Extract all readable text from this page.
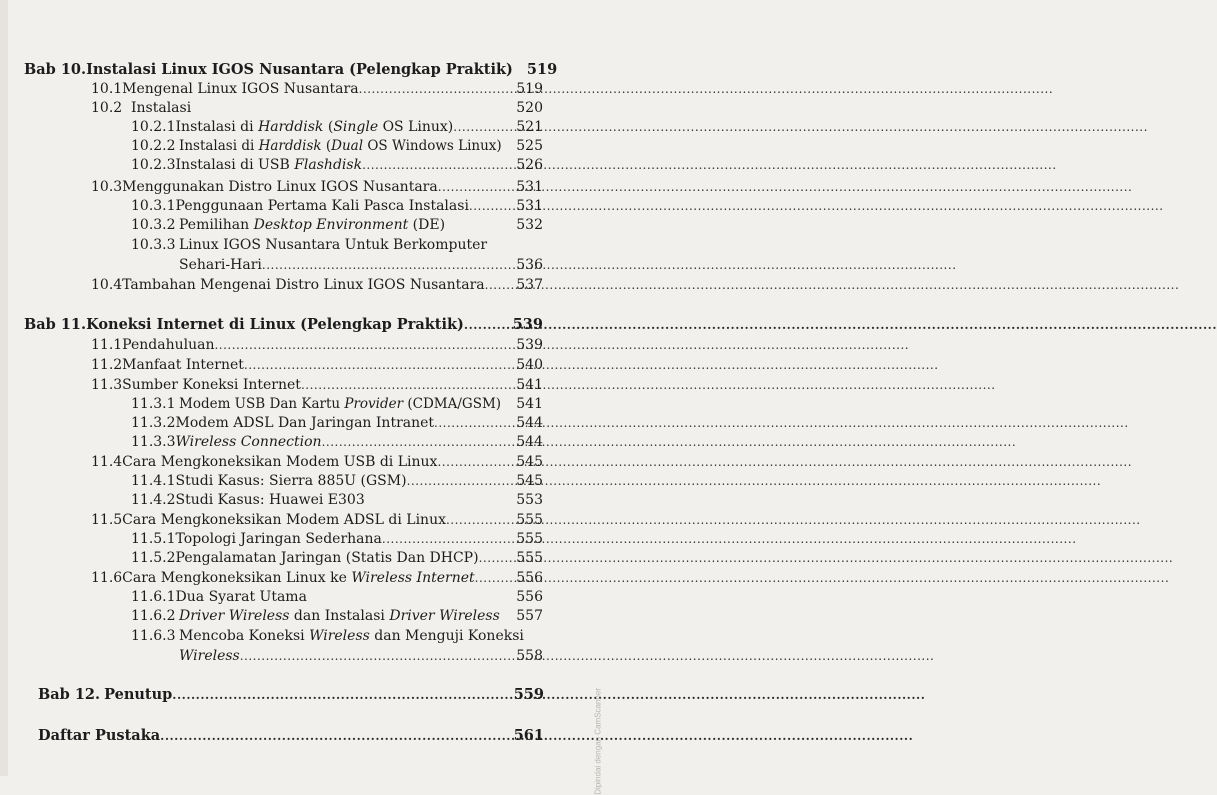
Bab 10. Instalasi Linux IGOS Nusantara (Pelengkap Praktik) 519
10.1 Mengenal Linux IGOS Nusantara .....	519
10.2 Instalasi	520
10.2.1 Instalasi di Harddisk (Single OS Linux) .....	521
10.2.2 Instalasi di Harddisk (Dual OS Windows Linux) 525
10.2.3 Instalasi di USB Flashdisk .....	526
10.3 Menggunakan Distro Linux IGOS Nusantara .....	531
10.3.1 Penggunaan Pertama Kali Pasca Instalasi .....	531
10.3.2 Pemilihan Desktop Environment (DE)	532
10.3.3 Linux IGOS Nusantara Untuk Berkomputer
Sehari-Hari .....	536
10.4 Tambahan Mengenai Distro Linux IGOS Nusantara ..... 537
Bab 11. Koneksi Internet di Linux (Pelengkap Praktik) .....	539
11.1 Pendahuluan .....	539
11.2 Manfaat Internet .....	540
11.3 Sumber Koneksi Internet .....	541
11.3.1 Modem USB Dan Kartu Provider (CDMA/GSM) 541
11.3.2 Modem ADSL Dan Jaringan Intranet .....	544
11.3.3 Wireless Connection .....	544
11.4 Cara Mengkoneksikan Modem USB di Linux .....	545
11.4.1 Studi Kasus: Sierra 885U (GSM) .....	545
11.4.2 Studi Kasus: Huawei E303	553
11.5 Cara Mengkoneksikan Modem ADSL di Linux .....	555
11.5.1 Topologi Jaringan Sederhana .....	555
11.5.2 Pengalamatan Jaringan (Statis Dan DHCP) .....	555
11.6 Cara Mengkoneksikan Linux ke Wireless Internet .....	556
11.6.1 Dua Syarat Utama	556
11.6.2 Driver Wireless dan Instalasi Driver Wireless 557
11.6.3 Mencoba Koneksi Wireless dan Menguji Koneksi
Wireless .....	558
Bab 12. Penutup .....	559
Daftar Pustaka .....	561	Dipindai dengan CamScanner
